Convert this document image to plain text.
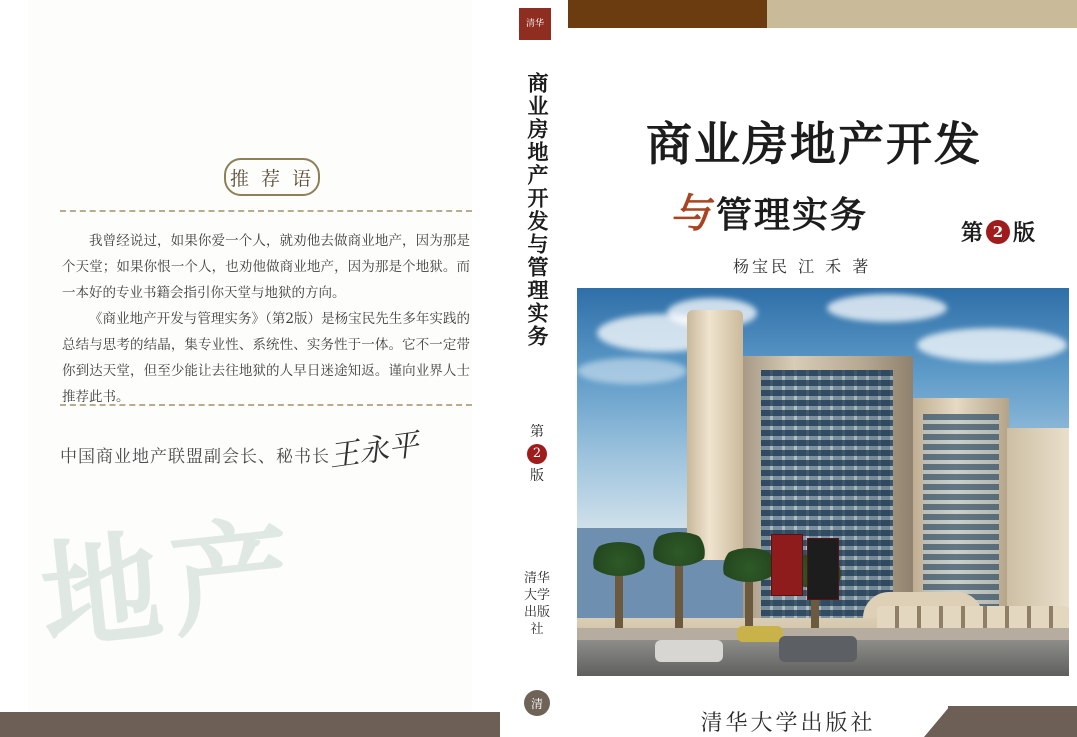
推 荐 语

我曾经说过，如果你爱一个人，就劝他去做商业地产，因为那是个天堂；如果你恨一个人，也劝他做商业地产，因为那是个地狱。而一本好的专业书籍会指引你天堂与地狱的方向。

《商业地产开发与管理实务》（第2版）是杨宝民先生多年实践的总结与思考的结晶，集专业性、系统性、实务性于一体。它不一定带你到达天堂，但至少能让去往地狱的人早日迷途知返。谨向业界人士推荐此书。

中国商业地产联盟副会长、秘书长
王永平
地产
清华
商业房地产开发与管理实务
第
2
版
清华大学出版社
清
商业房地产开发
与 管理实务	第 2 版
杨宝民 江 禾 著
清华大学出版社
